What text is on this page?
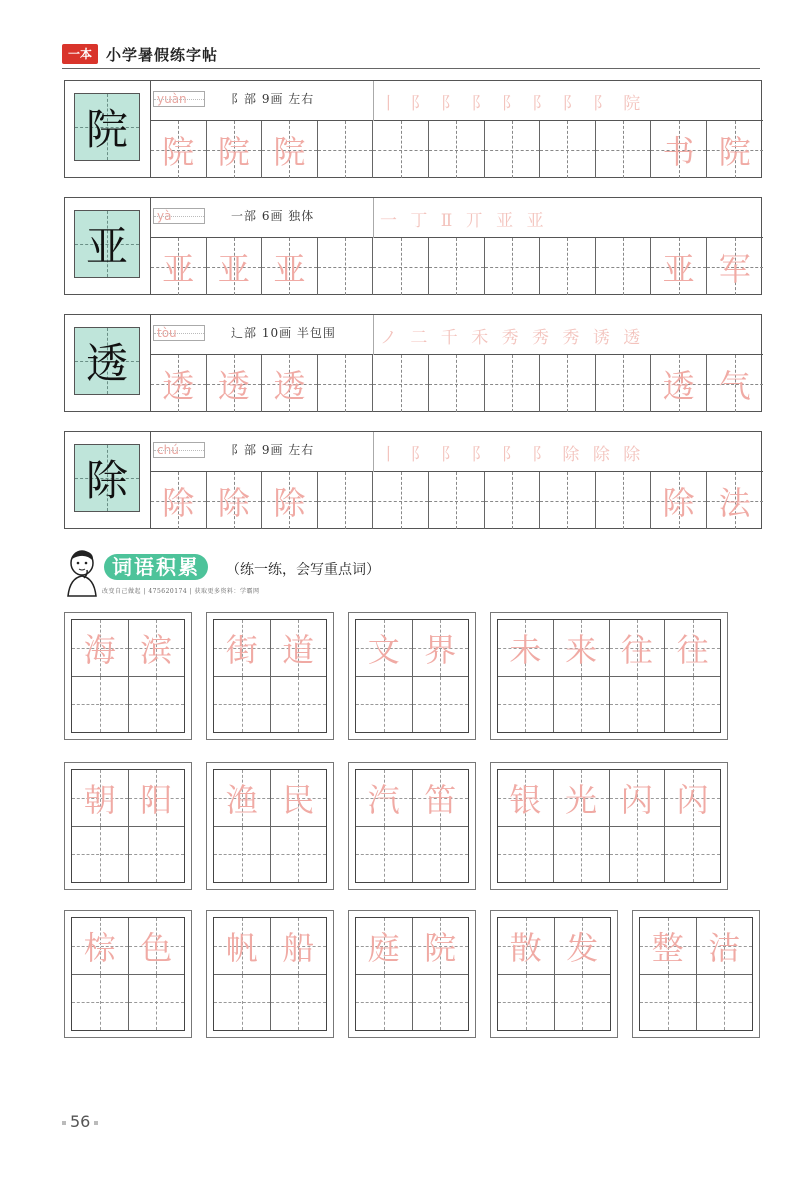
一本 小学暑假练字帖
院
yuàn	阝部 9画 左右	丨 阝 阝 阝 阝 阝 阝 阝 院
院 院 院	书 院
亚
yà	一部 6画 独体	一 丁 Ⅱ 丌 亚 亚
亚 亚 亚	亚 军
透
tòu	辶部 10画 半包围	ノ 二 千 禾 秀 秀 秀 诱 透
透 透 透	透 气
除
chú	阝部 9画 左右	丨 阝 阝 阝 阝 阝 除 除 除
除 除 除	除 法
词语积累	（练一练，会写重点词）
改变自己做起 | 475620174 | 获取更多资料：学霸网
海 滨	街 道	文 界	未 来 往 往
朝 阳	渔 民	汽 笛	银 光 闪 闪
棕 色	帆 船	庭 院	散 发	整 洁
56
